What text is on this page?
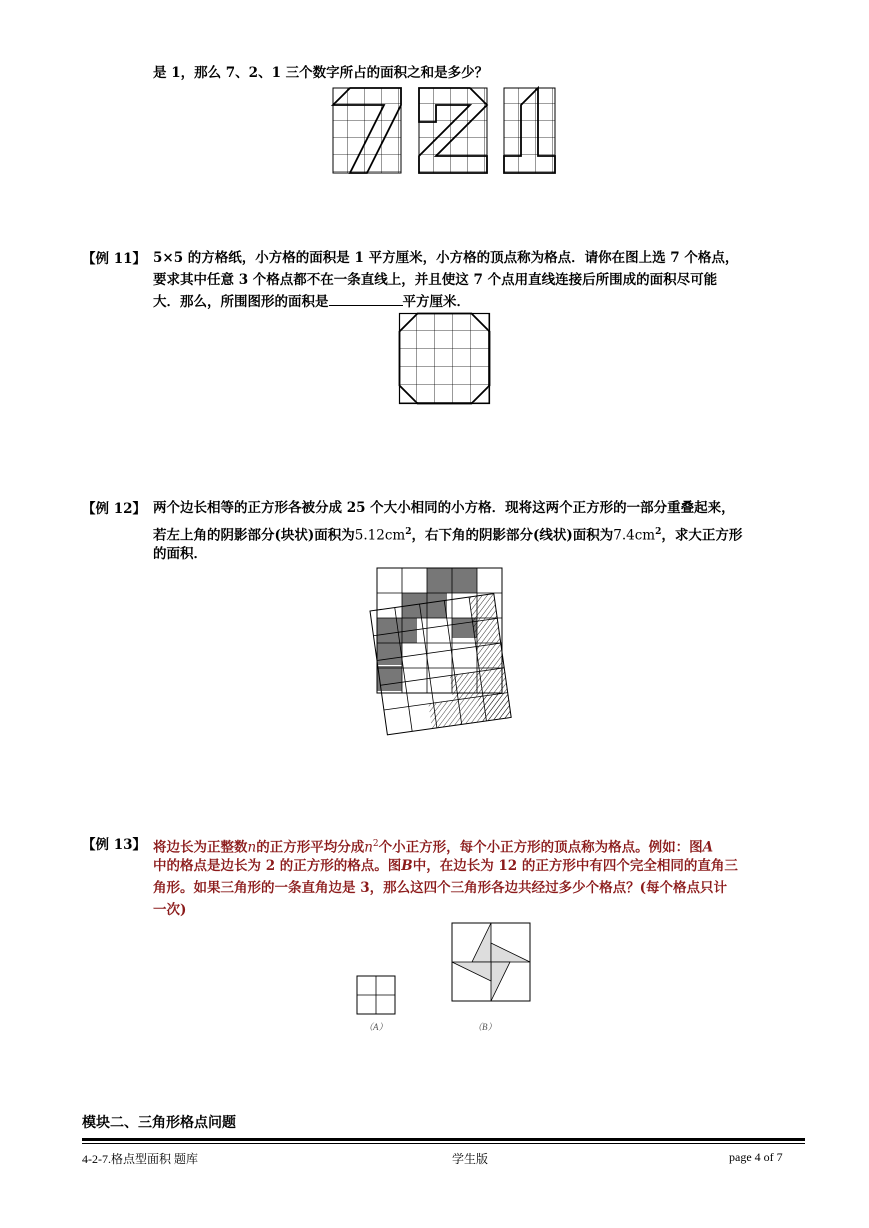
是 1，那么 7、2、1 三个数字所占的面积之和是多少？
【例 11】 5×5 的方格纸，小方格的面积是 1 平方厘米，小方格的顶点称为格点．请你在图上选 7 个格点，
要求其中任意 3 个格点都不在一条直线上，并且使这 7 个点用直线连接后所围成的面积尽可能
大．那么，所围图形的面积是	平方厘米．
【例 12】 两个边长相等的正方形各被分成 25 个大小相同的小方格．现将这两个正方形的一部分重叠起来，
若左上角的阴影部分(块状)面积为$5.12cm^2$，右下角的阴影部分(线状)面积为$7.4cm^2$，求大正方形
的面积．
【例 13】 将边长为正整数n的正方形平均分成$n^2$个小正方形，每个小正方形的顶点称为格点。例如：图A
中的格点是边长为 2 的正方形的格点。图B中，在边长为 12 的正方形中有四个完全相同的直角三
角形。如果三角形的一条直角边是 3，那么这四个三角形各边共经过多少个格点？(每个格点只计
一次)
（A）	（B）
模块二、三角形格点问题
4-2-7.格点型面积 题库	学生版	page 4 of 7
